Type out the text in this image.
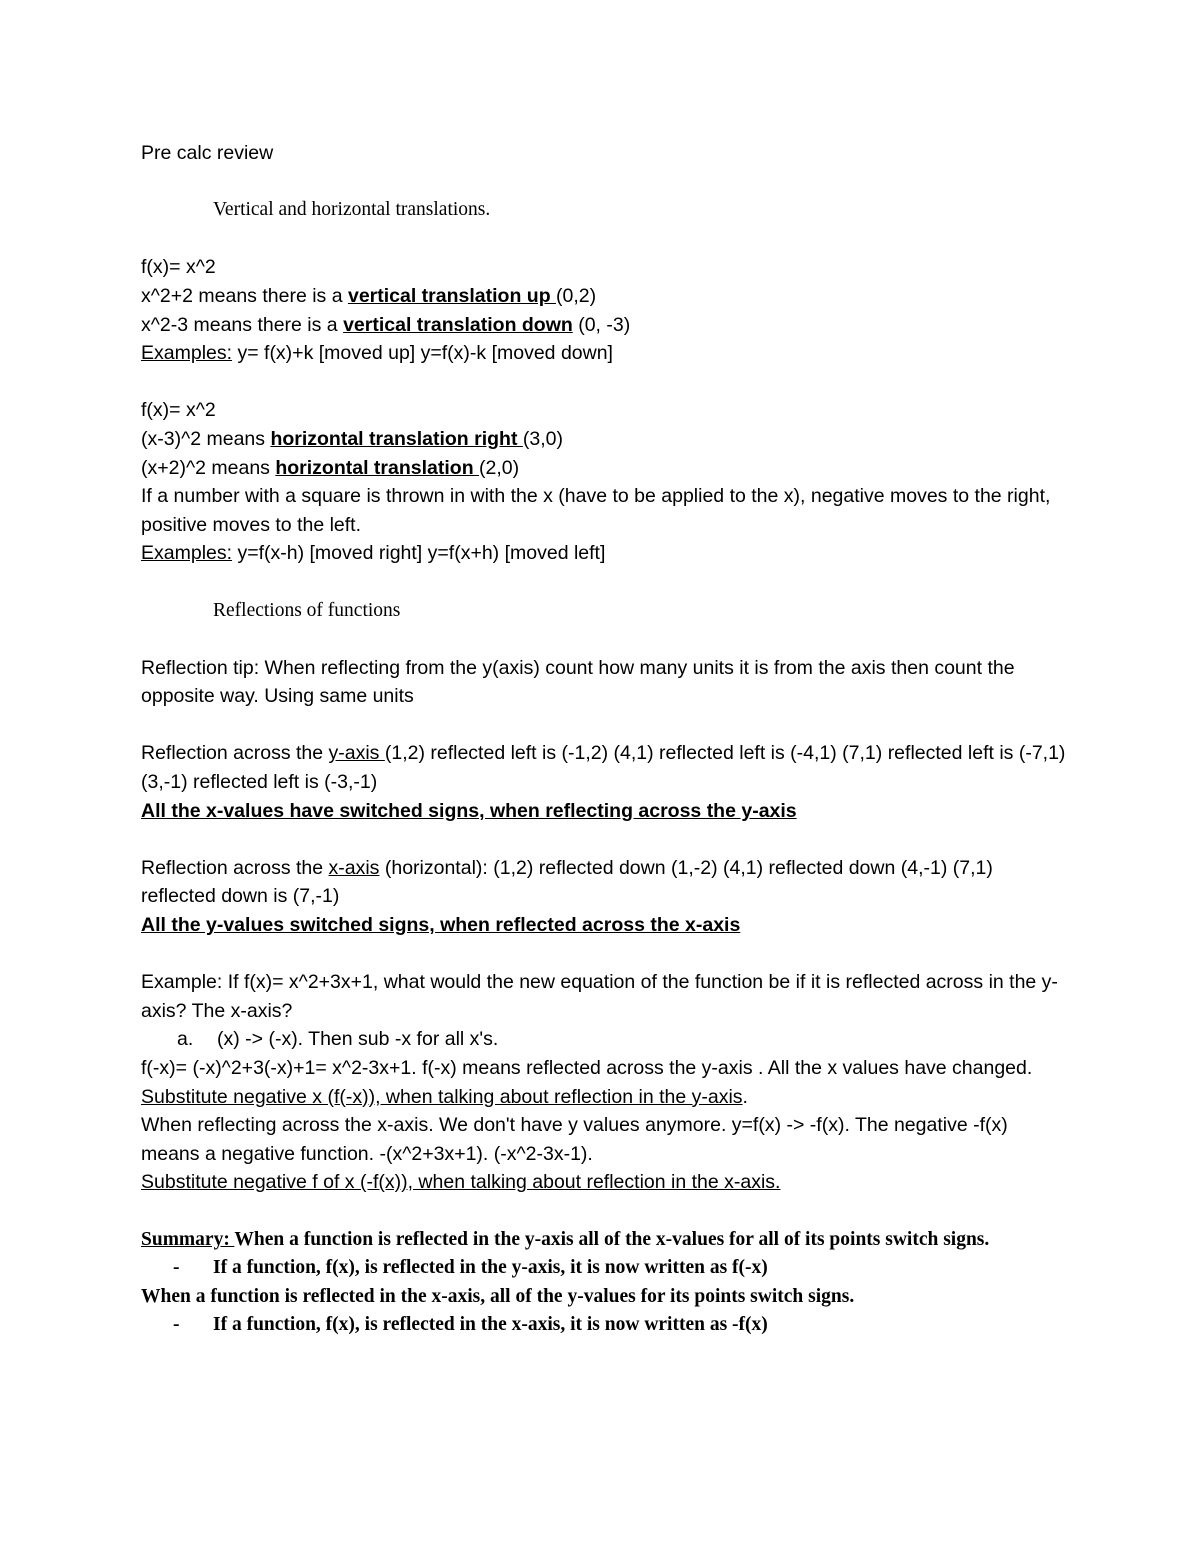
Pre calc review
Vertical and horizontal translations.
f(x)= x^2
x^2+2 means there is a vertical translation up (0,2)
x^2-3 means there is a vertical translation down (0, -3)
Examples: y= f(x)+k [moved up] y=f(x)-k [moved down]
f(x)= x^2
(x-3)^2 means horizontal translation right (3,0)
(x+2)^2 means horizontal translation (2,0)
If a number with a square is thrown in with the x (have to be applied to the x), negative moves to the right, positive moves to the left.
Examples: y=f(x-h) [moved right] y=f(x+h) [moved left]
Reflections of functions
Reflection tip: When reflecting from the y(axis) count how many units it is from the axis then count the opposite way. Using same units
Reflection across the y-axis (1,2) reflected left is (-1,2) (4,1) reflected left is (-4,1) (7,1) reflected left is (-7,1) (3,-1) reflected left is (-3,-1)
All the x-values have switched signs, when reflecting across the y-axis
Reflection across the x-axis (horizontal): (1,2) reflected down (1,-2) (4,1) reflected down (4,-1) (7,1) reflected down is (7,-1)
All the y-values switched signs, when reflected across the x-axis
Example: If f(x)= x^2+3x+1, what would the new equation of the function be if it is reflected across in the y-axis? The x-axis?
a. (x) -> (-x). Then sub -x for all x's.
f(-x)= (-x)^2+3(-x)+1= x^2-3x+1. f(-x) means reflected across the y-axis . All the x values have changed.
Substitute negative x (f(-x)), when talking about reflection in the y-axis.
When reflecting across the x-axis. We don't have y values anymore. y=f(x) -> -f(x). The negative -f(x) means a negative function. -(x^2+3x+1). (-x^2-3x-1).
Substitute negative f of x (-f(x)), when talking about reflection in the x-axis.
Summary: When a function is reflected in the y-axis all of the x-values for all of its points switch signs.
- If a function, f(x), is reflected in the y-axis, it is now written as f(-x)
When a function is reflected in the x-axis, all of the y-values for its points switch signs.
- If a function, f(x), is reflected in the x-axis, it is now written as -f(x)
